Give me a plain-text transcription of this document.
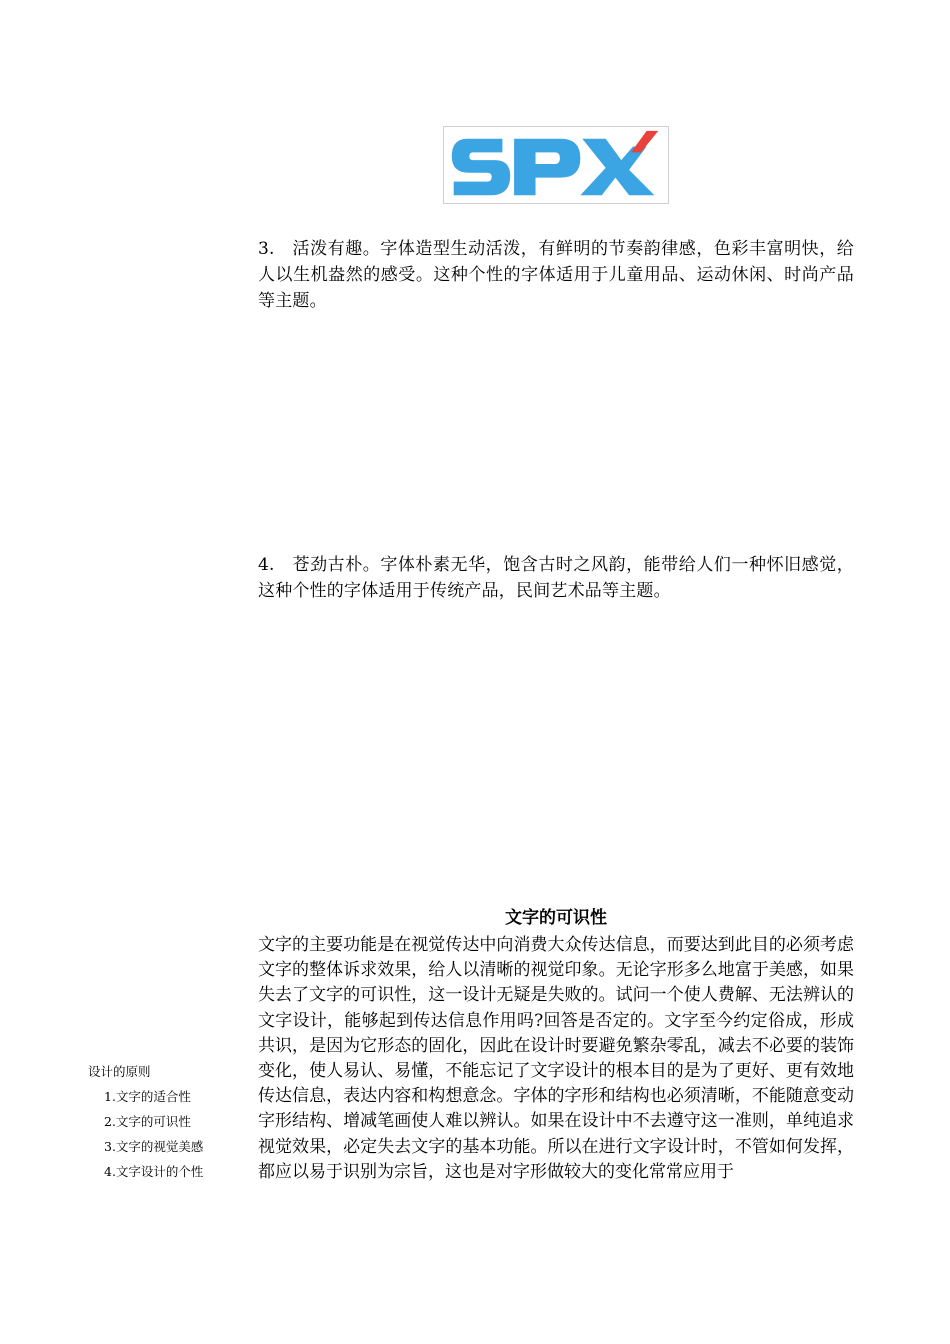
3.　活泼有趣。字体造型生动活泼，有鲜明的节奏韵律感，色彩丰富明快，给人以生机盎然的感受。这种个性的字体适用于儿童用品、运动休闲、时尚产品等主题。

4.　苍劲古朴。字体朴素无华，饱含古时之风韵，能带给人们一种怀旧感觉，这种个性的字体适用于传统产品，民间艺术品等主题。

文字的可识性

文字的主要功能是在视觉传达中向消费大众传达信息，而要达到此目的必须考虑文字的整体诉求效果，给人以清晰的视觉印象。无论字形多么地富于美感，如果失去了文字的可识性，这一设计无疑是失败的。试问一个使人费解、无法辨认的文字设计，能够起到传达信息作用吗?回答是否定的。文字至今约定俗成，形成共识，是因为它形态的固化，因此在设计时要避免繁杂零乱，减去不必要的装饰变化，使人易认、易懂，不能忘记了文字设计的根本目的是为了更好、更有效地传达信息，表达内容和构想意念。字体的字形和结构也必须清晰，不能随意变动字形结构、增减笔画使人难以辨认。如果在设计中不去遵守这一准则，单纯追求视觉效果，必定失去文字的基本功能。所以在进行文字设计时，不管如何发挥，都应以易于识别为宗旨，这也是对字形做较大的变化常常应用于

设计的原则
1.文字的适合性
2.文字的可识性
3.文字的视觉美感
4.文字设计的个性
